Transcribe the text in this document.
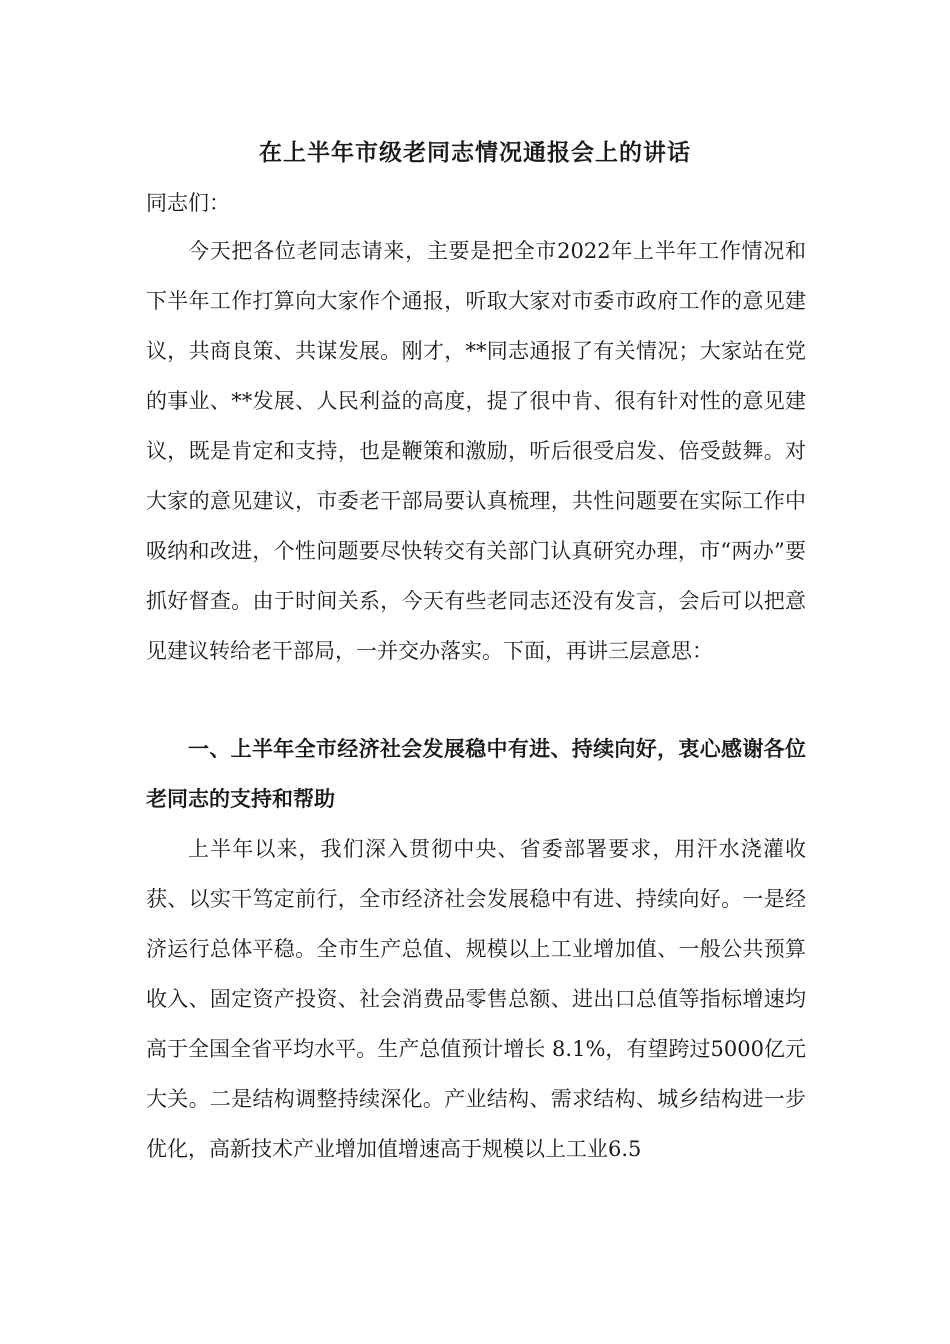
在上半年市级老同志情况通报会上的讲话

同志们：

今天把各位老同志请来，主要是把全市2022年上半年工作情况和下半年工作打算向大家作个通报，听取大家对市委市政府工作的意见建议，共商良策、共谋发展。刚才，**同志通报了有关情况；大家站在党的事业、**发展、人民利益的高度，提了很中肯、很有针对性的意见建议，既是肯定和支持，也是鞭策和激励，听后很受启发、倍受鼓舞。对大家的意见建议，市委老干部局要认真梳理，共性问题要在实际工作中吸纳和改进，个性问题要尽快转交有关部门认真研究办理，市“两办”要抓好督查。由于时间关系，今天有些老同志还没有发言，会后可以把意见建议转给老干部局，一并交办落实。下面，再讲三层意思：

一、上半年全市经济社会发展稳中有进、持续向好，衷心感谢各位老同志的支持和帮助

上半年以来，我们深入贯彻中央、省委部署要求，用汗水浇灌收获、以实干笃定前行，全市经济社会发展稳中有进、持续向好。一是经济运行总体平稳。全市生产总值、规模以上工业增加值、一般公共预算收入、固定资产投资、社会消费品零售总额、进出口总值等指标增速均高于全国全省平均水平。生产总值预计增长 8.1%，有望跨过5000亿元大关。二是结构调整持续深化。产业结构、需求结构、城乡结构进一步优化，高新技术产业增加值增速高于规模以上工业6.5
